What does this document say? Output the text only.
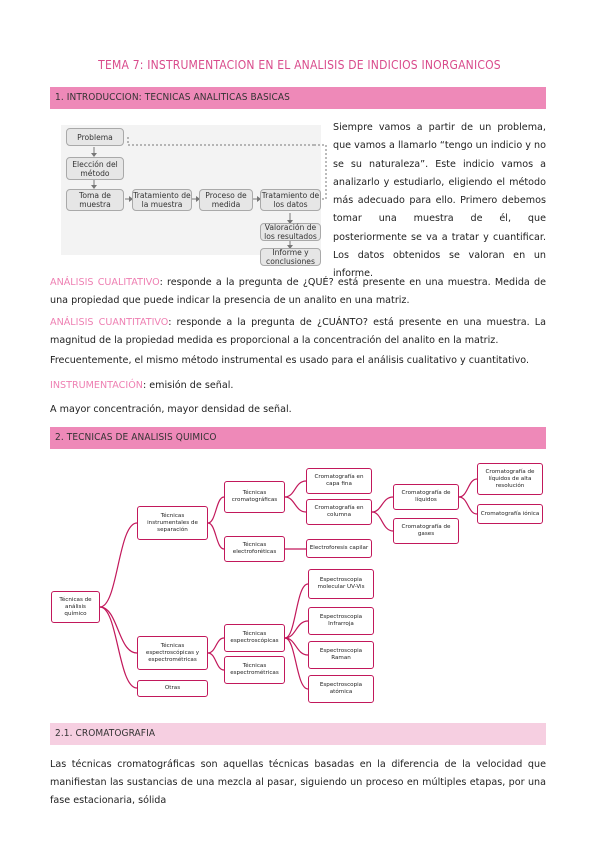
TEMA 7: INSTRUMENTACION EN EL ANALISIS DE INDICIOS INORGANICOS
1. INTRODUCCION: TECNICAS ANALITICAS BASICAS
Problema
Elección del método
Toma de muestra
Tratamiento de la muestra
Proceso de medida
Tratamiento de los datos
Valoración de los resultados
Informe y conclusiones
Siempre vamos a partir de un problema, que vamos a llamarlo “tengo un indicio y no se su naturaleza”. Este indicio vamos a analizarlo y estudiarlo, eligiendo el método más adecuado para ello. Primero debemos tomar una muestra de él, que posteriormente se va a tratar y cuantificar. Los datos obtenidos se valoran en un informe.
ANÁLISIS CUALITATIVO: responde a la pregunta de ¿QUÉ? está presente en una muestra. Medida de una propiedad que puede indicar la presencia de un analito en una matriz.
ANÁLISIS CUANTITATIVO: responde a la pregunta de ¿CUÁNTO? está presente en una muestra. La magnitud de la propiedad medida es proporcional a la concentración del analito en la matriz.
Frecuentemente, el mismo método instrumental es usado para el análisis cualitativo y cuantitativo.
INSTRUMENTACIÓN: emisión de señal.
A mayor concentración, mayor densidad de señal.
2. TECNICAS DE ANALISIS QUIMICO
Técnicas de análisis químico
Técnicas instrumentales de separación
Técnicas espectroscópicas y espectrométricas
Otras
Técnicas cromatográficas
Técnicas electroforéticas
Técnicas espectroscópicas
Técnicas espectrométricas
Cromatografía en capa fina
Cromatografía en columna
Electroforesis capilar
Cromatografía de líquidos
Cromatografía de gases
Cromatografía de líquidos de alta resolución
Cromatografía iónica
Espectroscopia molecular UV-Vis
Espectroscopia Infrarroja
Espectroscopia Raman
Espectroscopia atómica
2.1. CROMATOGRAFIA
Las técnicas cromatográficas son aquellas técnicas basadas en la diferencia de la velocidad que manifiestan las sustancias de una mezcla al pasar, siguiendo un proceso en múltiples etapas, por una fase estacionaria, sólida
